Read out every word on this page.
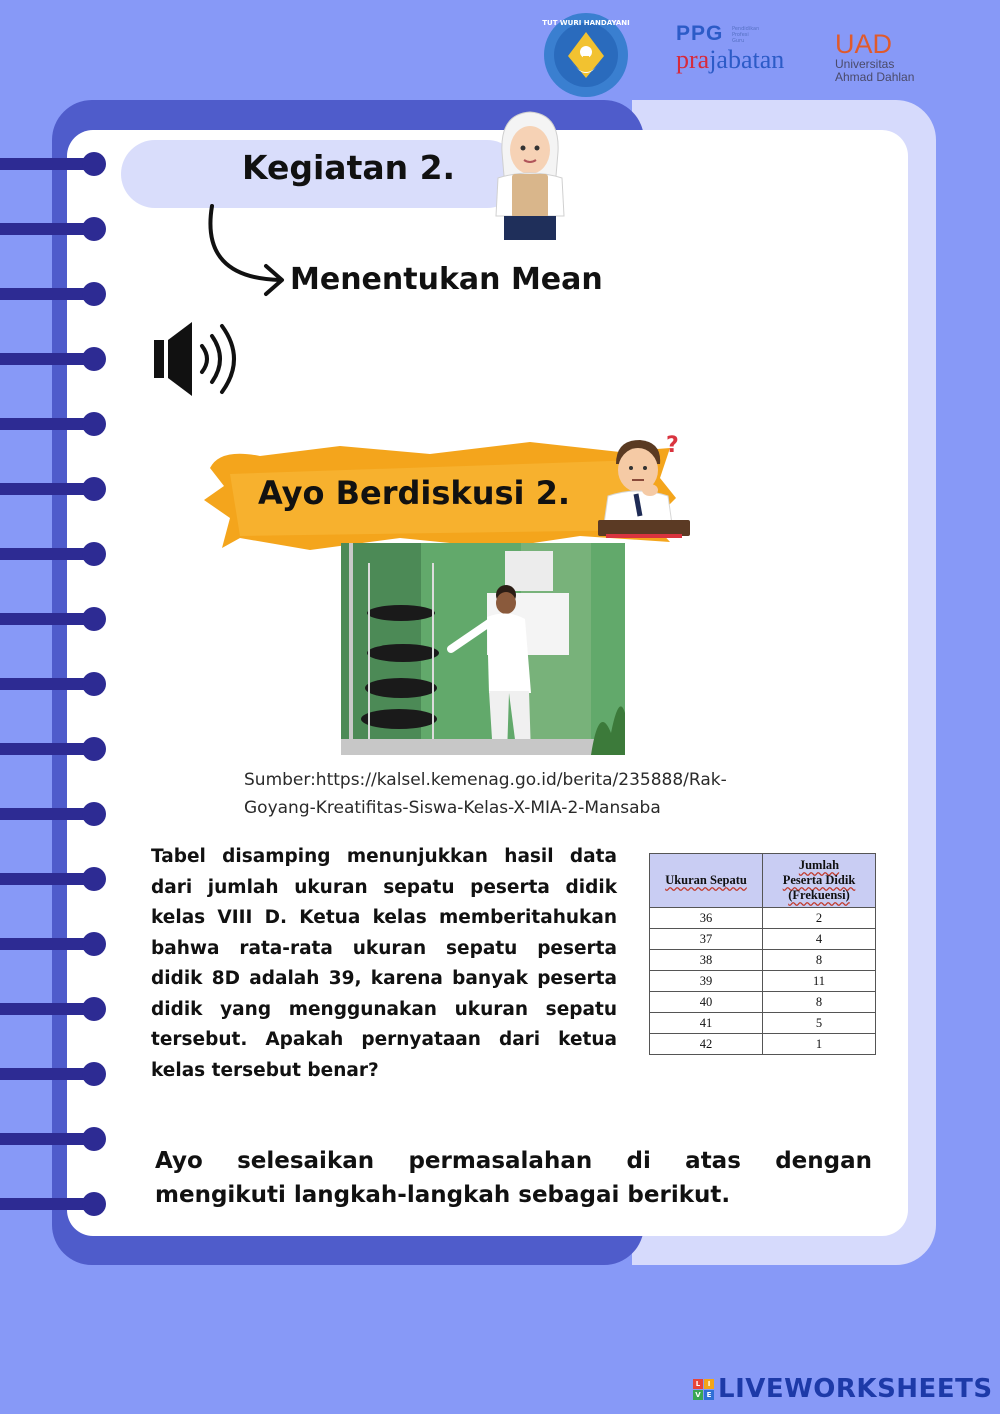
TUT WURI HANDAYANI PPG	Pendidikan Profesi Guru
prajabatan
UAD
Universitas
Ahmad Dahlan
Kegiatan 2.
Menentukan Mean
Ayo Berdiskusi 2.
?
Sumber:https://kalsel.kemenag.go.id/berita/235888/Rak-
Goyang-Kreatifitas-Siswa-Kelas-X-MIA-2-Mansaba
Tabel disamping menunjukkan hasil data dari jumlah ukuran sepatu peserta didik kelas VIII D. Ketua kelas memberitahukan bahwa rata-rata ukuran sepatu peserta didik 8D adalah 39, karena banyak peserta didik yang menggunakan ukuran sepatu tersebut. Apakah pernyataan dari ketua kelas tersebut benar?
Ukuran Sepatu	Jumlah
Peserta Didik
(Frekuensi)
36	2
37	4
38	8
39	11
40	8
41	5
42	1
Ayo selesaikan permasalahan di atas dengan mengikuti langkah-langkah sebagai berikut.
L	I
V E LIVEWORKSHEETS
